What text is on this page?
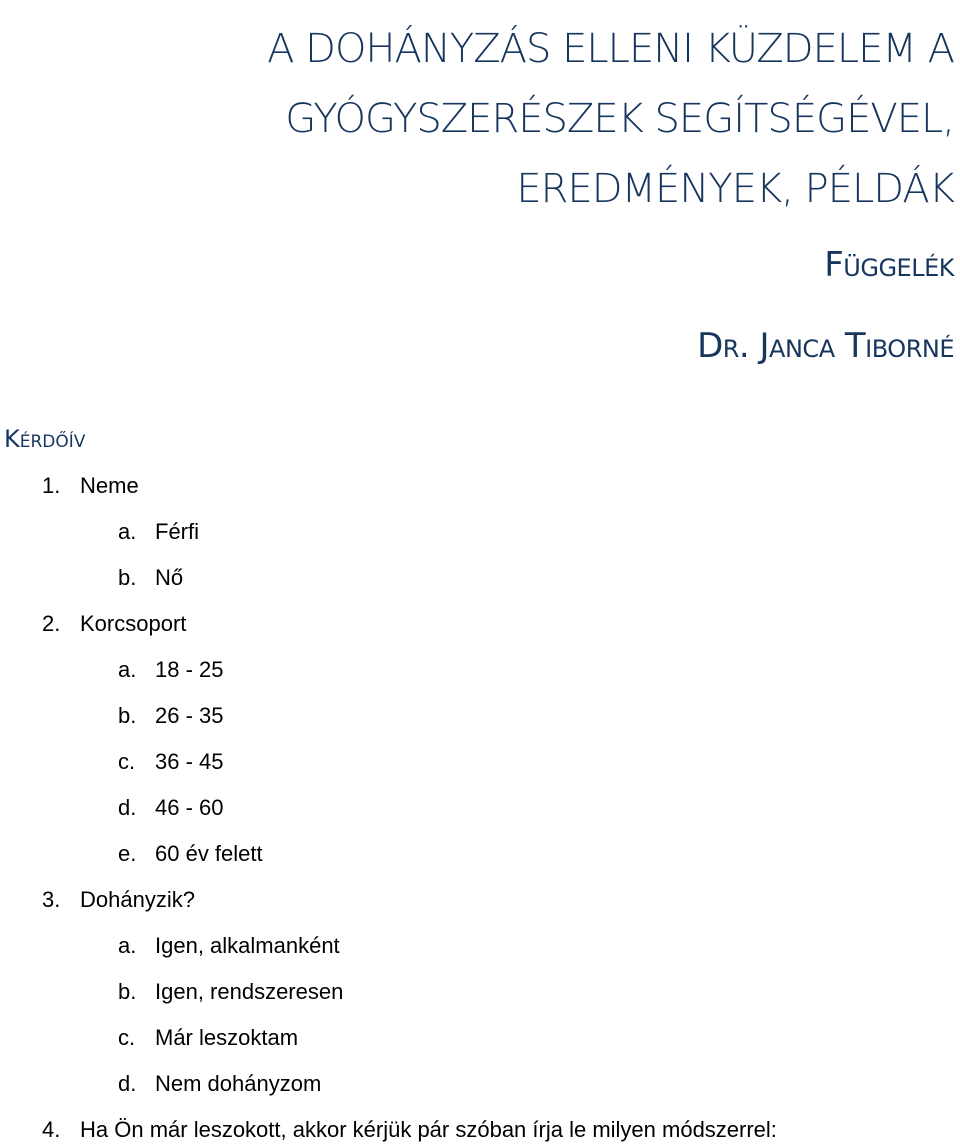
A DOHÁNYZÁS ELLENI KÜZDELEM A
GYÓGYSZERÉSZEK SEGÍTSÉGÉVEL,
EREDMÉNYEK, PÉLDÁK
Függelék
Dr. Janca Tiborné
Kérdőív
1. Neme
a. Férfi
b. Nő
2. Korcsoport
a. 18 - 25
b. 26 - 35
c. 36 - 45
d. 46 - 60
e. 60 év felett
3. Dohányzik?
a. Igen, alkalmanként
b. Igen, rendszeresen
c. Már leszoktam
d. Nem dohányzom
4. Ha Ön már leszokott, akkor kérjük pár szóban írja le milyen módszerrel:
